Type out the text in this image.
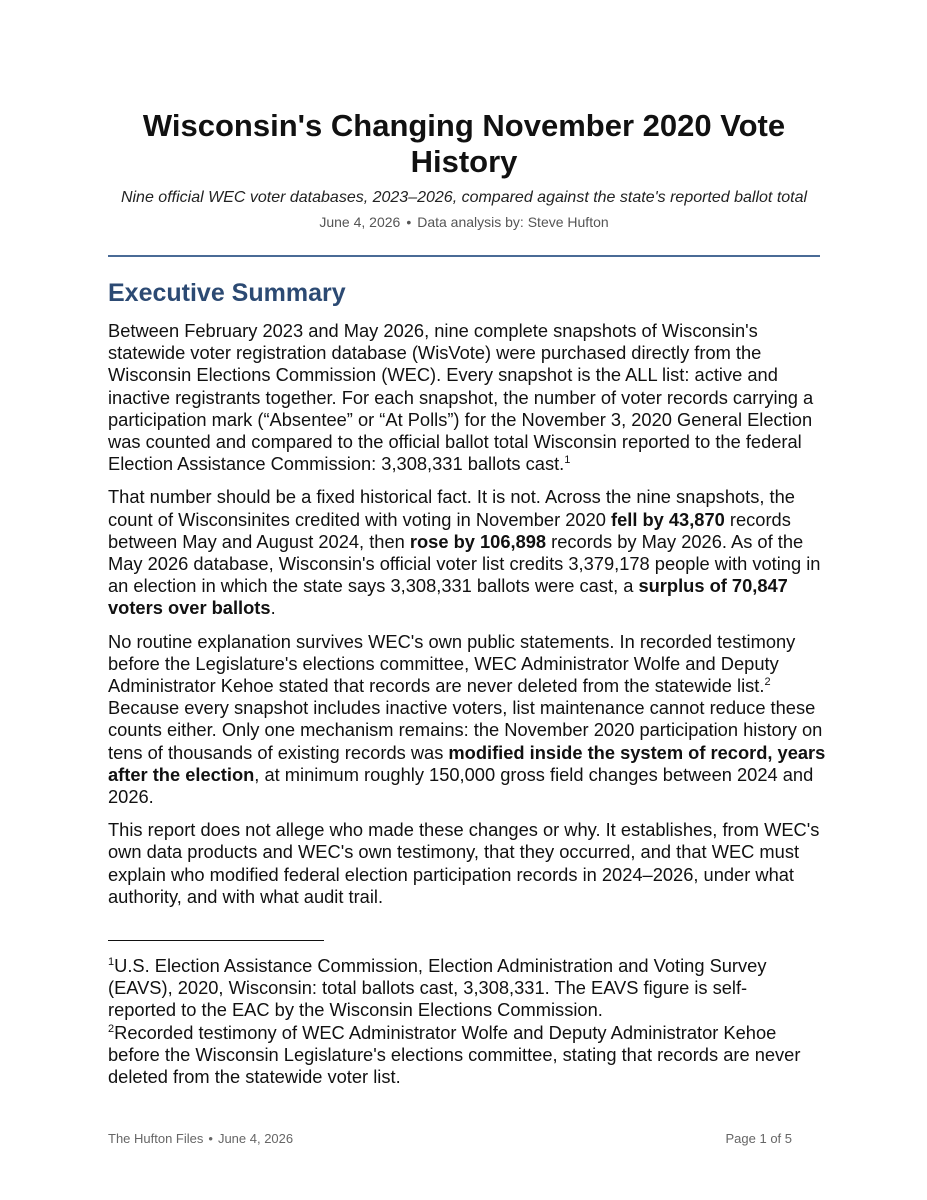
Wisconsin's Changing November 2020 Vote History
Nine official WEC voter databases, 2023–2026, compared against the state's reported ballot total
June 4, 2026 • Data analysis by: Steve Hufton
Executive Summary

Between February 2023 and May 2026, nine complete snapshots of Wisconsin's statewide voter registration database (WisVote) were purchased directly from the Wisconsin Elections Commission (WEC). Every snapshot is the ALL list: active and inactive registrants together. For each snapshot, the number of voter records carrying a participation mark (“Absentee” or “At Polls”) for the November 3, 2020 General Election was counted and compared to the official ballot total Wisconsin reported to the federal Election Assistance Commission: 3,308,331 ballots cast.$^1$

That number should be a fixed historical fact. It is not. Across the nine snapshots, the count of Wisconsinites credited with voting in November 2020 fell by 43,870 records between May and August 2024, then rose by 106,898 records by May 2026. As of the May 2026 database, Wisconsin's official voter list credits 3,379,178 people with voting in an election in which the state says 3,308,331 ballots were cast, a surplus of 70,847 voters over ballots.

No routine explanation survives WEC's own public statements. In recorded testimony before the Legislature's elections committee, WEC Administrator Wolfe and Deputy Administrator Kehoe stated that records are never deleted from the statewide list.$^2$ Because every snapshot includes inactive voters, list maintenance cannot reduce these counts either. Only one mechanism remains: the November 2020 participation history on tens of thousands of existing records was modified inside the system of record, years after the election, at minimum roughly 150,000 gross field changes between 2024 and 2026.

This report does not allege who made these changes or why. It establishes, from WEC's own data products and WEC's own testimony, that they occurred, and that WEC must explain who modified federal election participation records in 2024–2026, under what authority, and with what audit trail.

$^1$U.S. Election Assistance Commission, Election Administration and Voting Survey (EAVS), 2020, Wisconsin: total ballots cast, 3,308,331. The EAVS figure is self-reported to the EAC by the Wisconsin Elections Commission.

$^2$Recorded testimony of WEC Administrator Wolfe and Deputy Administrator Kehoe before the Wisconsin Legislature's elections committee, stating that records are never deleted from the statewide voter list.

The Hufton Files • June 4, 2026	Page 1 of 5
